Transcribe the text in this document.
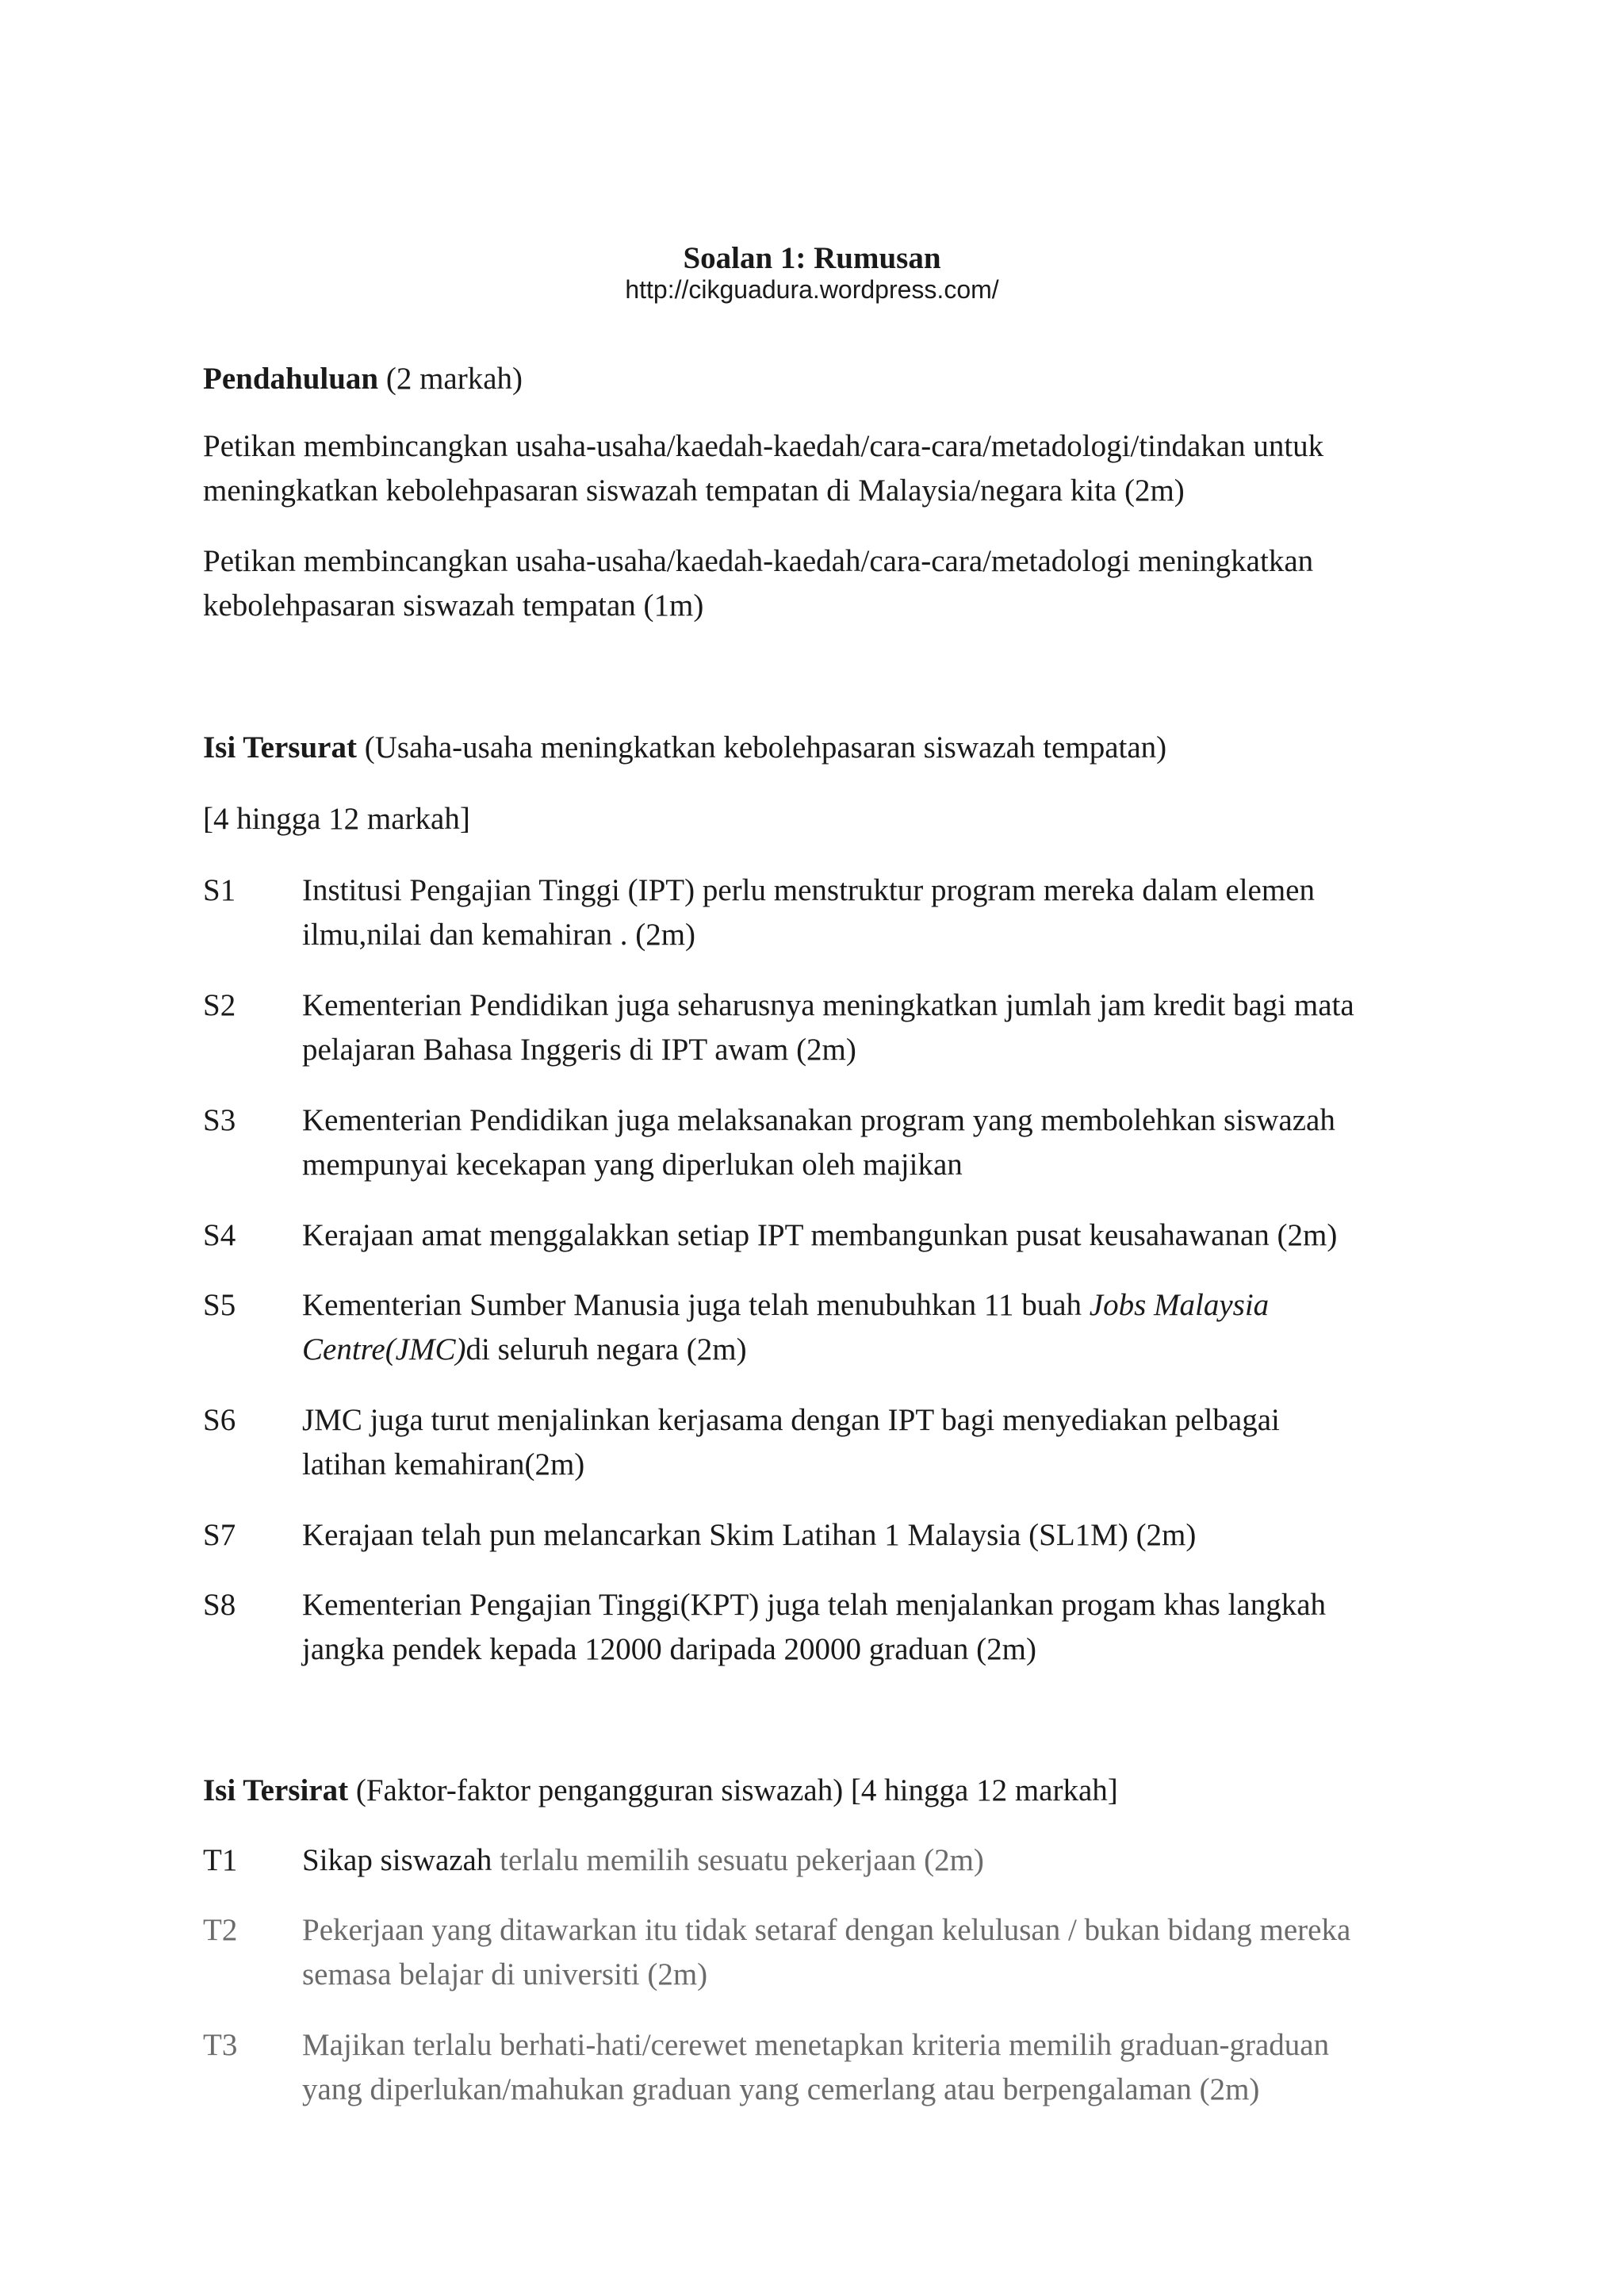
Soalan 1: Rumusan
http://cikguadura.wordpress.com/
Pendahuluan (2 markah)
Petikan membincangkan usaha-usaha/kaedah-kaedah/cara-cara/metadologi/tindakan untuk
meningkatkan kebolehpasaran siswazah tempatan di Malaysia/negara kita (2m)
Petikan membincangkan usaha-usaha/kaedah-kaedah/cara-cara/metadologi meningkatkan
kebolehpasaran siswazah tempatan (1m)
Isi Tersurat (Usaha-usaha meningkatkan kebolehpasaran siswazah tempatan)
[4 hingga 12 markah]
S1	Institusi Pengajian Tinggi (IPT) perlu menstruktur program mereka dalam elemen
ilmu,nilai dan kemahiran . (2m)
S2	Kementerian Pendidikan juga seharusnya meningkatkan jumlah jam kredit bagi mata
pelajaran Bahasa Inggeris di IPT awam (2m)
S3	Kementerian Pendidikan juga melaksanakan program yang membolehkan siswazah
mempunyai kecekapan yang diperlukan oleh majikan
S4	Kerajaan amat menggalakkan setiap IPT membangunkan pusat keusahawanan (2m)
S5	Kementerian Sumber Manusia juga telah menubuhkan 11 buah Jobs Malaysia
Centre(JMC)di seluruh negara (2m)
S6	JMC juga turut menjalinkan kerjasama dengan IPT bagi menyediakan pelbagai
latihan kemahiran(2m)
S7	Kerajaan telah pun melancarkan Skim Latihan 1 Malaysia (SL1M) (2m)
S8	Kementerian Pengajian Tinggi(KPT) juga telah menjalankan progam khas langkah
jangka pendek kepada 12000 daripada 20000 graduan (2m)
Isi Tersirat (Faktor-faktor pengangguran siswazah) [4 hingga 12 markah]
T1	Sikap siswazah terlalu memilih sesuatu pekerjaan (2m)
T2	Pekerjaan yang ditawarkan itu tidak setaraf dengan kelulusan / bukan bidang mereka
semasa belajar di universiti (2m)
T3	Majikan terlalu berhati-hati/cerewet menetapkan kriteria memilih graduan-graduan
yang diperlukan/mahukan graduan yang cemerlang atau berpengalaman (2m)
